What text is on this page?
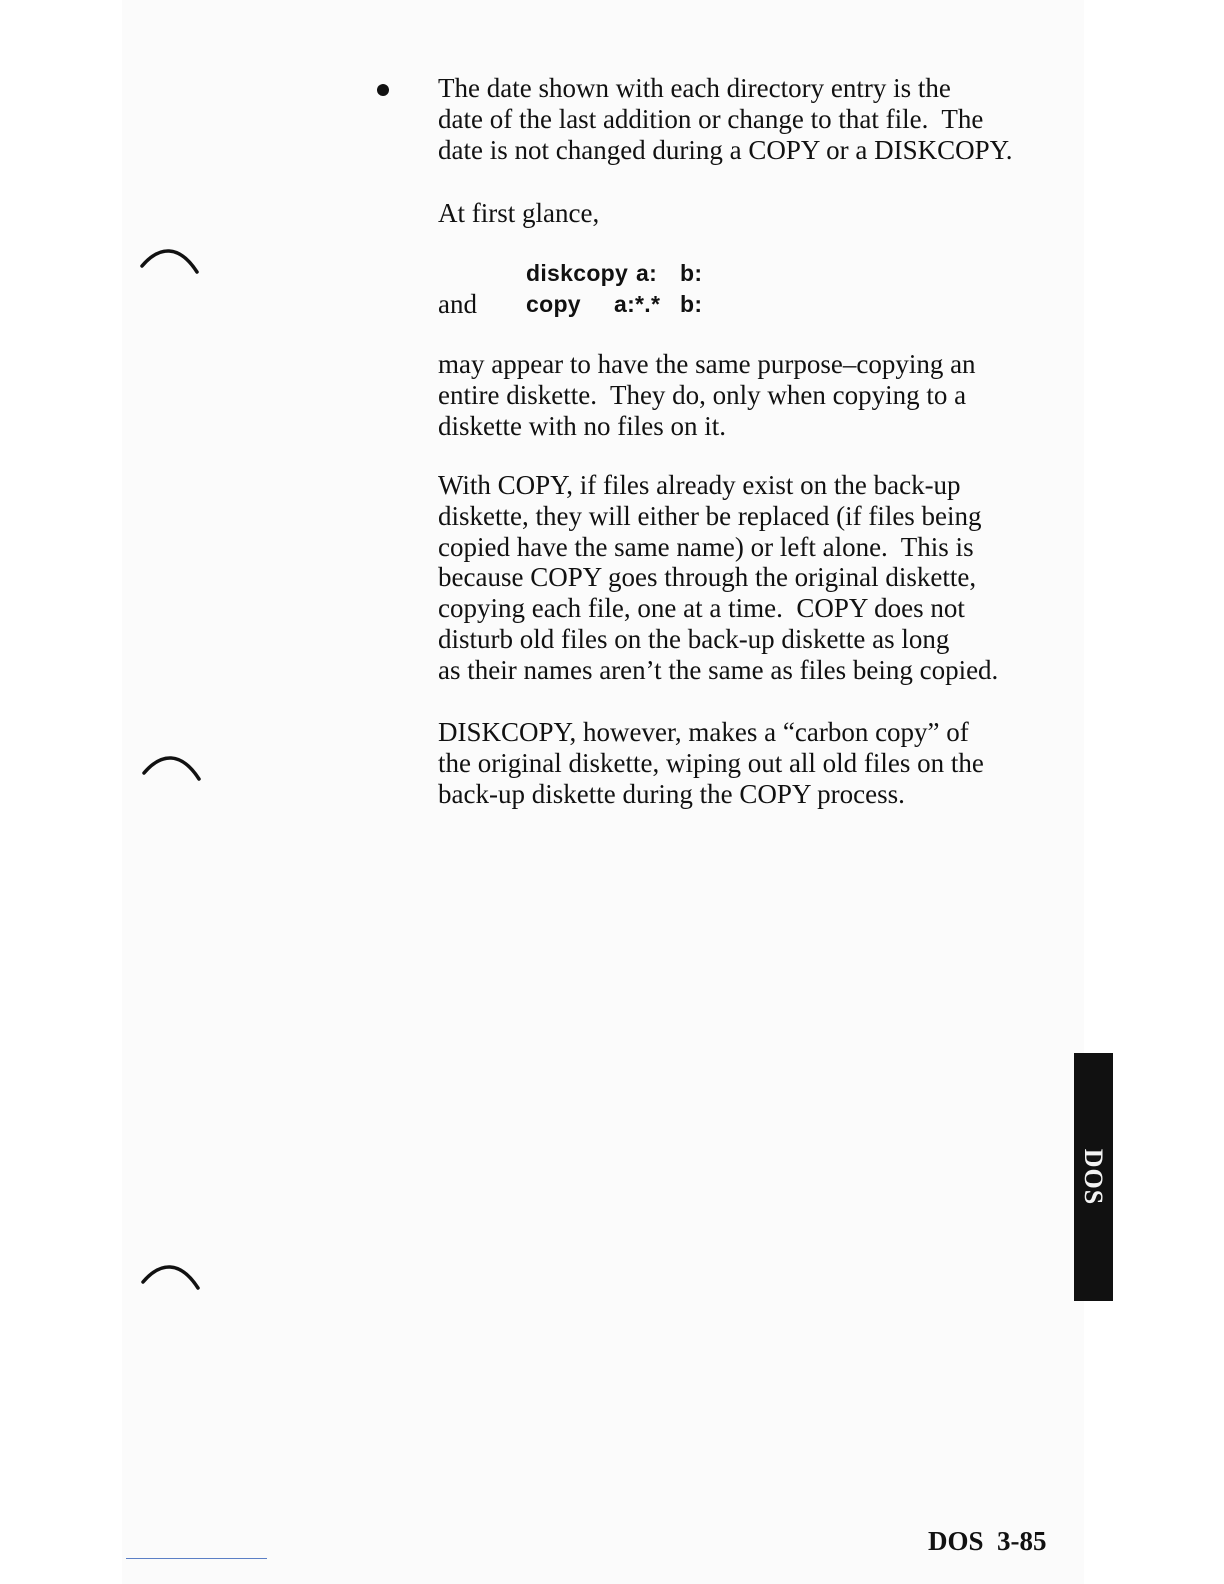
The date shown with each directory entry is the
date of the last addition or change to that file.  The
date is not changed during a COPY or a DISKCOPY.

At first glance,

diskcopy a: b:
and copy a:*.* b:

may appear to have the same purpose–copying an
entire diskette.  They do, only when copying to a
diskette with no files on it.

With COPY, if files already exist on the back-up
diskette, they will either be replaced (if files being
copied have the same name) or left alone.  This is
because COPY goes through the original diskette,
copying each file, one at a time.  COPY does not
disturb old files on the back-up diskette as long
as their names aren’t the same as files being copied.

DISKCOPY, however, makes a “carbon copy” of
the original diskette, wiping out all old files on the
back-up diskette during the COPY process.

DOS
DOS  3-85
